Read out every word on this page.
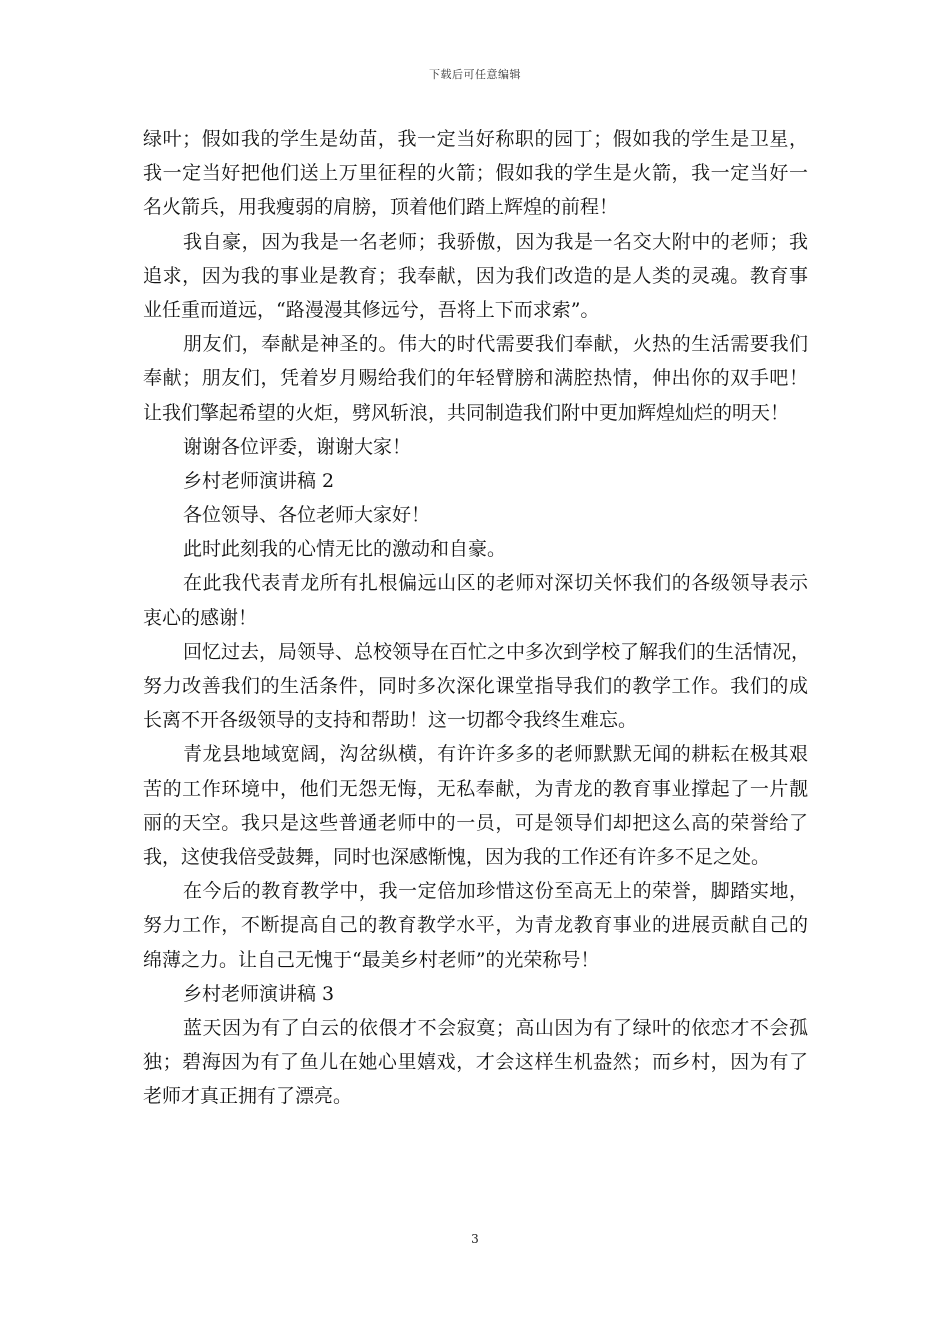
下载后可任意编辑
绿叶；假如我的学生是幼苗，我一定当好称职的园丁；假如我的学生是卫星，
我一定当好把他们送上万里征程的火箭；假如我的学生是火箭，我一定当好一
名火箭兵，用我瘦弱的肩膀，顶着他们踏上辉煌的前程！
我自豪，因为我是一名老师；我骄傲，因为我是一名交大附中的老师；我
追求，因为我的事业是教育；我奉献，因为我们改造的是人类的灵魂。教育事
业任重而道远，“路漫漫其修远兮，吾将上下而求索”。
朋友们，奉献是神圣的。伟大的时代需要我们奉献，火热的生活需要我们
奉献；朋友们，凭着岁月赐给我们的年轻臂膀和满腔热情，伸出你的双手吧！
让我们擎起希望的火炬，劈风斩浪，共同制造我们附中更加辉煌灿烂的明天！
谢谢各位评委，谢谢大家！
乡村老师演讲稿 2
各位领导、各位老师大家好！
此时此刻我的心情无比的激动和自豪。
在此我代表青龙所有扎根偏远山区的老师对深切关怀我们的各级领导表示
衷心的感谢！
回忆过去，局领导、总校领导在百忙之中多次到学校了解我们的生活情况，
努力改善我们的生活条件，同时多次深化课堂指导我们的教学工作。我们的成
长离不开各级领导的支持和帮助！这一切都令我终生难忘。
青龙县地域宽阔，沟岔纵横，有许许多多的老师默默无闻的耕耘在极其艰
苦的工作环境中，他们无怨无悔，无私奉献，为青龙的教育事业撑起了一片靓
丽的天空。我只是这些普通老师中的一员，可是领导们却把这么高的荣誉给了
我，这使我倍受鼓舞，同时也深感惭愧，因为我的工作还有许多不足之处。
在今后的教育教学中，我一定倍加珍惜这份至高无上的荣誉，脚踏实地，
努力工作，不断提高自己的教育教学水平，为青龙教育事业的进展贡献自己的
绵薄之力。让自己无愧于“最美乡村老师”的光荣称号！
乡村老师演讲稿 3
蓝天因为有了白云的依偎才不会寂寞；高山因为有了绿叶的依恋才不会孤
独；碧海因为有了鱼儿在她心里嬉戏，才会这样生机盎然；而乡村，因为有了
老师才真正拥有了漂亮。
3
